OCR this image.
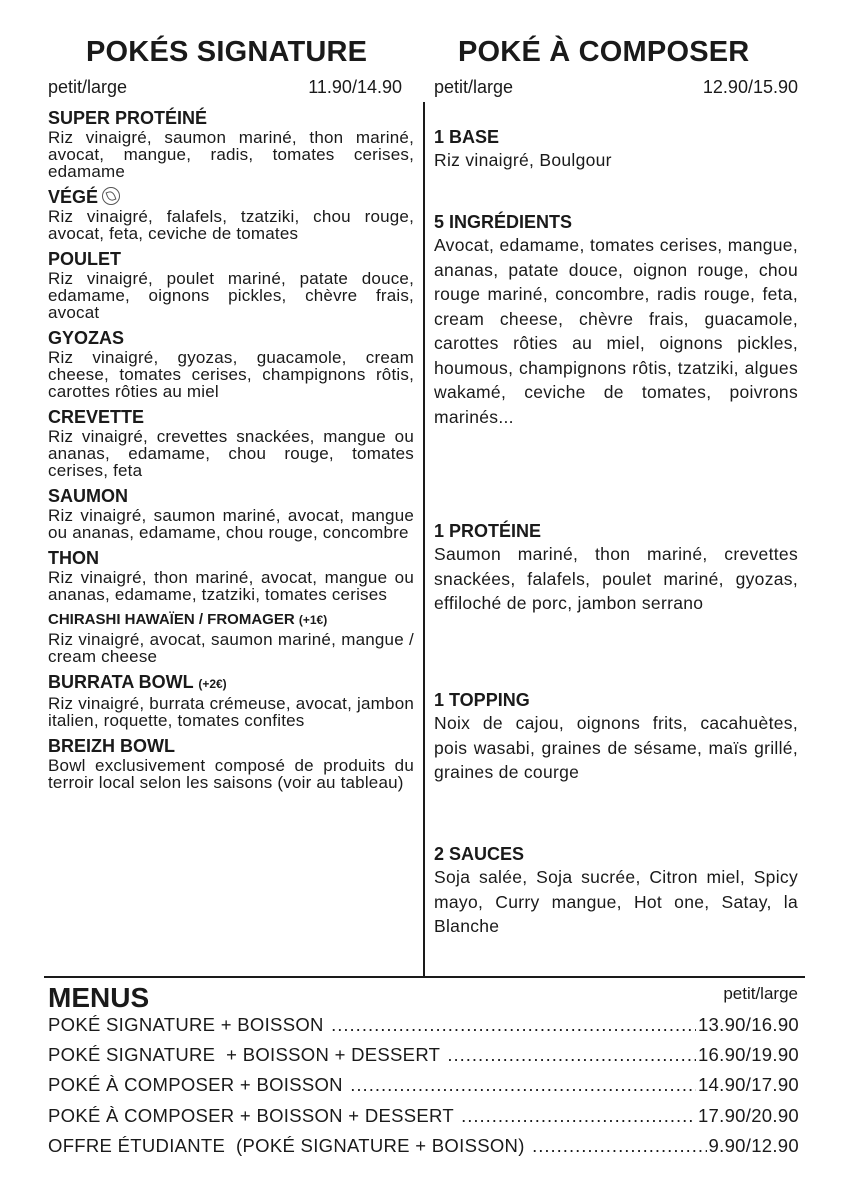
POKÉS SIGNATURE	POKÉ À COMPOSER
petit/large	11.90/14.90 petit/large	12.90/15.90
SUPER PROTÉINÉ
Riz vinaigré, saumon mariné, thon mariné, avocat, mangue, radis, tomates cerises, edamame
VÉGÉ
Riz vinaigré, falafels, tzatziki, chou rouge, avocat, feta, ceviche de tomates
POULET
Riz vinaigré, poulet mariné, patate douce, edamame, oignons pickles, chèvre frais, avocat
GYOZAS
Riz vinaigré, gyozas, guacamole, cream cheese, tomates cerises, champignons rôtis, carottes rôties au miel
CREVETTE
Riz vinaigré, crevettes snackées, mangue ou ananas, edamame, chou rouge, tomates cerises, feta
SAUMON
Riz vinaigré, saumon mariné, avocat, mangue ou ananas, edamame, chou rouge, concombre
THON
Riz vinaigré, thon mariné, avocat, mangue ou ananas, edamame, tzatziki, tomates cerises
CHIRASHI HAWAÏEN / FROMAGER (+1€)
Riz vinaigré, avocat, saumon mariné, mangue / cream cheese
BURRATA BOWL (+2€)
Riz vinaigré, burrata crémeuse, avocat, jambon italien, roquette, tomates confites
BREIZH BOWL
Bowl exclusivement composé de produits du terroir local selon les saisons (voir au tableau)
1 BASE
Riz vinaigré, Boulgour
5 INGRÉDIENTS
Avocat, edamame, tomates cerises, mangue, ananas, patate douce, oignon rouge, chou rouge mariné, concombre, radis rouge, feta, cream cheese, chèvre frais, guacamole, carottes rôties au miel, oignons pickles, houmous, champignons rôtis, tzatziki, algues wakamé, ceviche de tomates, poivrons marinés...
1 PROTÉINE
Saumon mariné, thon mariné, crevettes snackées, falafels, poulet mariné, gyozas, effiloché de porc, jambon serrano
1 TOPPING
Noix de cajou, oignons frits, cacahuètes, pois wasabi, graines de sésame, maïs grillé, graines de courge
2 SAUCES
Soja salée, Soja sucrée, Citron miel, Spicy mayo, Curry mangue, Hot one, Satay, la Blanche
MENUS	petit/large
POKÉ SIGNATURE + BOISSON .....	13.90/16.90
POKÉ SIGNATURE  + BOISSON + DESSERT .....	16.90/19.90
POKÉ À COMPOSER + BOISSON .....	14.90/17.90
POKÉ À COMPOSER + BOISSON + DESSERT .....	17.90/20.90
OFFRE ÉTUDIANTE  (POKÉ SIGNATURE + BOISSON) .....	9.90/12.90
